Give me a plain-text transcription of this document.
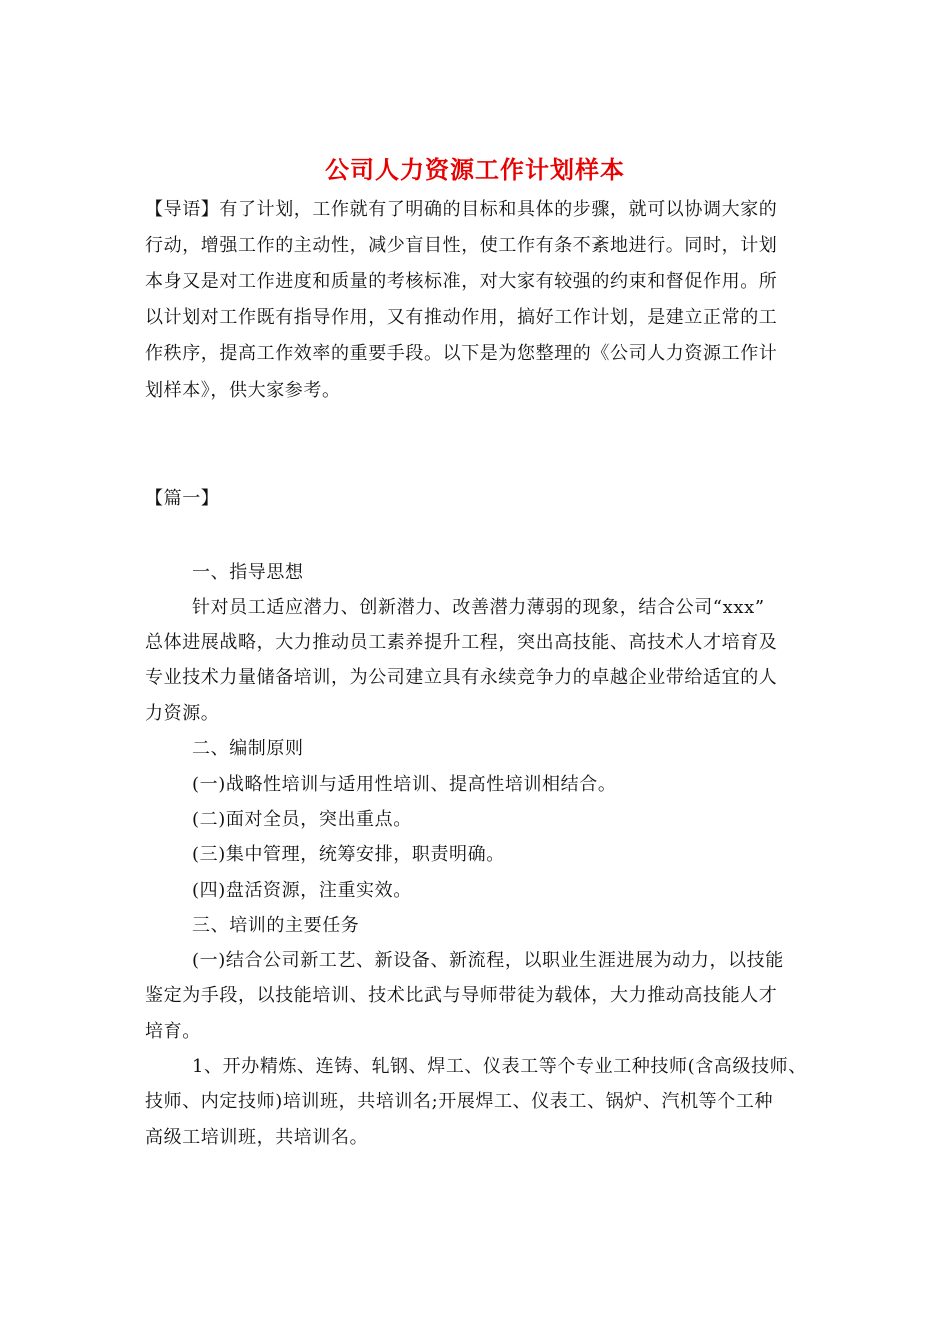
公司人力资源工作计划样本
【导语】有了计划，工作就有了明确的目标和具体的步骤，就可以协调大家的
行动，增强工作的主动性，减少盲目性，使工作有条不紊地进行。同时，计划
本身又是对工作进度和质量的考核标准，对大家有较强的约束和督促作用。所
以计划对工作既有指导作用，又有推动作用，搞好工作计划，是建立正常的工
作秩序，提高工作效率的重要手段。以下是为您整理的《公司人力资源工作计
划样本》，供大家参考。
【篇一】
一、指导思想
针对员工适应潜力、创新潜力、改善潜力薄弱的现象，结合公司“xxx”
总体进展战略，大力推动员工素养提升工程，突出高技能、高技术人才培育及
专业技术力量储备培训，为公司建立具有永续竞争力的卓越企业带给适宜的人
力资源。
二、编制原则
(一)战略性培训与适用性培训、提高性培训相结合。
(二)面对全员，突出重点。
(三)集中管理，统筹安排，职责明确。
(四)盘活资源，注重实效。
三、培训的主要任务
(一)结合公司新工艺、新设备、新流程，以职业生涯进展为动力，以技能
鉴定为手段，以技能培训、技术比武与导师带徒为载体，大力推动高技能人才
培育。
1、开办精炼、连铸、轧钢、焊工、仪表工等个专业工种技师(含高级技师、
技师、内定技师)培训班，共培训名;开展焊工、仪表工、锅炉、汽机等个工种
高级工培训班，共培训名。
